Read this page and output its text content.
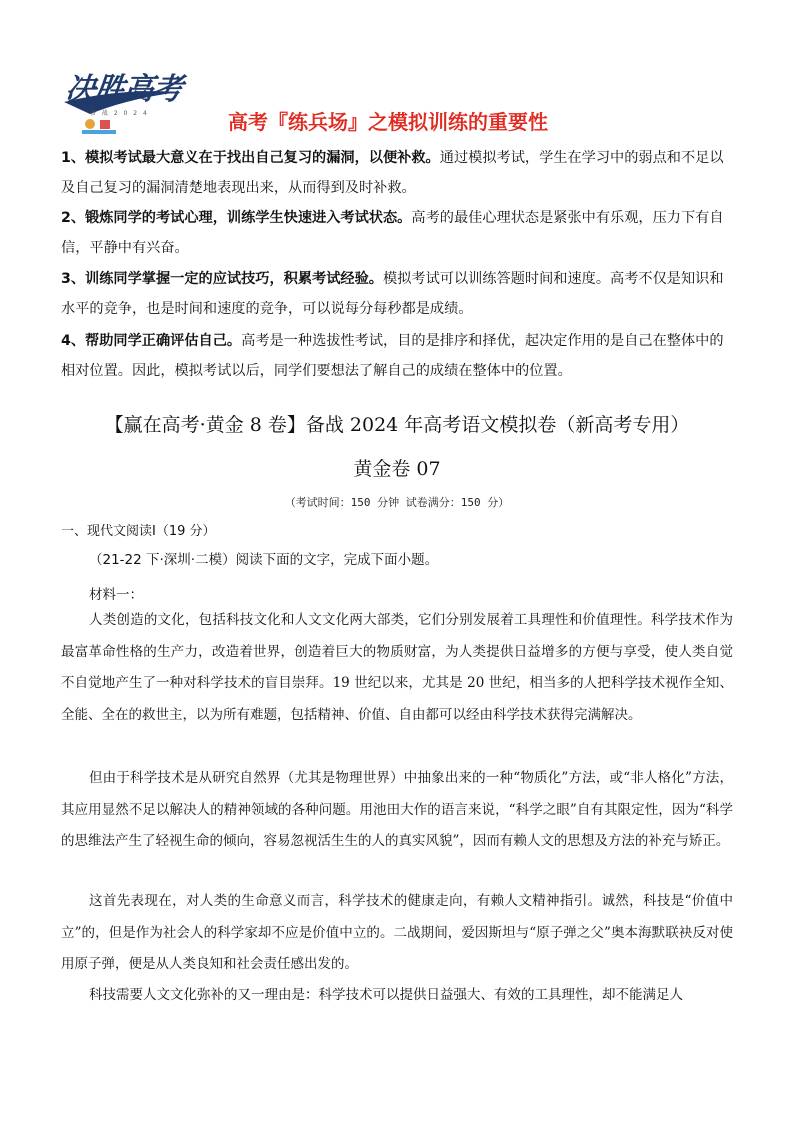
决胜高考
备 战 2 0 2 4	高考『练兵场』之模拟训练的重要性
1、模拟考试最大意义在于找出自己复习的漏洞，以便补救。通过模拟考试，学生在学习中的弱点和不足以及自己复习的漏洞清楚地表现出来，从而得到及时补救。
2、锻炼同学的考试心理，训练学生快速进入考试状态。高考的最佳心理状态是紧张中有乐观，压力下有自信，平静中有兴奋。
3、训练同学掌握一定的应试技巧，积累考试经验。模拟考试可以训练答题时间和速度。高考不仅是知识和水平的竞争，也是时间和速度的竞争，可以说每分每秒都是成绩。
4、帮助同学正确评估自己。高考是一种选拔性考试，目的是排序和择优，起决定作用的是自己在整体中的相对位置。因此，模拟考试以后，同学们要想法了解自己的成绩在整体中的位置。
【赢在高考·黄金 8 卷】备战 2024 年高考语文模拟卷（新高考专用）
黄金卷 07
（考试时间：150 分钟 试卷满分：150 分）
一、现代文阅读Ⅰ（19 分）
（21-22 下·深圳·二模）阅读下面的文字，完成下面小题。
材料一：
人类创造的文化，包括科技文化和人文文化两大部类，它们分别发展着工具理性和价值理性。科学技术作为最富革命性格的生产力，改造着世界，创造着巨大的物质财富，为人类提供日益增多的方便与享受，使人类自觉不自觉地产生了一种对科学技术的盲目崇拜。19 世纪以来，尤其是 20 世纪，相当多的人把科学技术视作全知、全能、全在的救世主，以为所有难题，包括精神、价值、自由都可以经由科学技术获得完满解决。
但由于科学技术是从研究自然界（尤其是物理世界）中抽象出来的一种“物质化”方法，或“非人格化”方法，其应用显然不足以解决人的精神领域的各种问题。用池田大作的语言来说，“科学之眼”自有其限定性，因为“科学的思维法产生了轻视生命的倾向，容易忽视活生生的人的真实风貌”，因而有赖人文的思想及方法的补充与矫正。
这首先表现在，对人类的生命意义而言，科学技术的健康走向，有赖人文精神指引。诚然，科技是“价值中立”的，但是作为社会人的科学家却不应是价值中立的。二战期间，爱因斯坦与“原子弹之父”奥本海默联袂反对使用原子弹，便是从人类良知和社会责任感出发的。
科技需要人文文化弥补的又一理由是：科学技术可以提供日益强大、有效的工具理性，却不能满足人
